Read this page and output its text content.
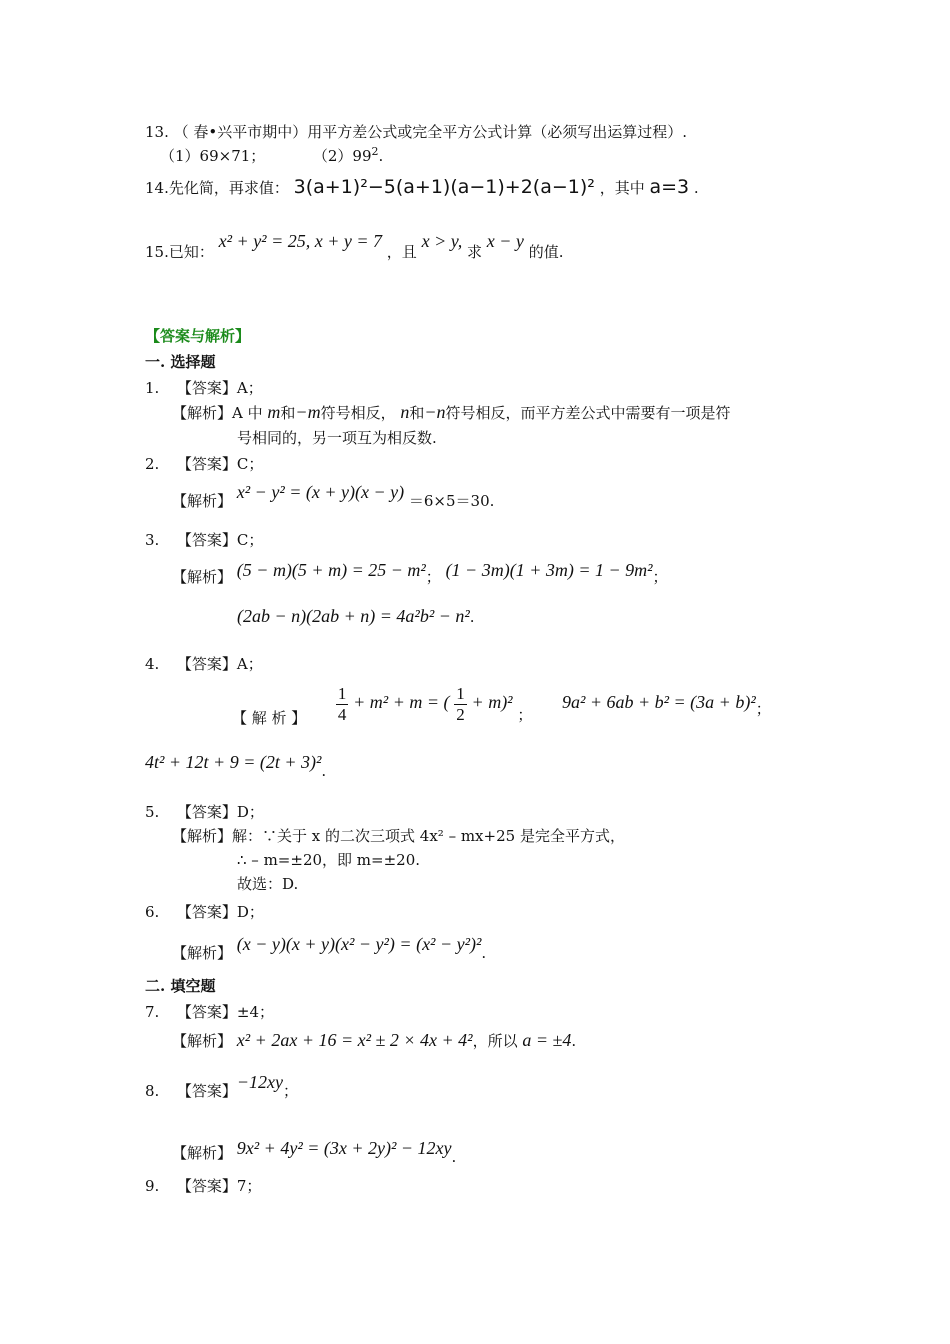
13. （ 春•兴平市期中）用平方差公式或完全平方公式计算（必须写出运算过程）.
（1）69×71；	$(2)99^2$.
14.先化简，再求值： 3(a+1)²−5(a+1)(a−1)+2(a−1)² ，其中 a=3 .
15.已知： x² + y² = 25, x + y = 7 ，且 x > y, 求 x − y 的值.
【答案与解析】
一. 选择题
1. 【答案】A；
【解析】A 中 m和−m符号相反， n和−n符号相反，而平方差公式中需要有一项是符
号相同的，另一项互为相反数.
2. 【答案】C；
【解析】 x² − y² = (x + y)(x − y) ＝6×5＝30.
3. 【答案】C；
【解析】 (5 − m)(5 + m) = 25 − m²； (1 − 3m)(1 + 3m) = 1 − 9m²；
(2ab − n)(2ab + n) = 4a²b² − n².
4. 【答案】A；
【 解 析 】 $\frac{1}{4} + m^2 + m$ = ( $\frac{1}{2} + m)^2$ ；  9a² + 6ab + b² = (3a + b)²；
4t² + 12t + 9 = (2t + 3)².
5. 【答案】D；
【解析】解：∵关于 x 的二次三项式 4x² – mx+25 是完全平方式，
∴ – m=±20，即 m=±20.
故选：D.
6. 【答案】D；
【解析】 (x − y)(x + y)(x² − y²) = (x² − y²)².
二. 填空题
7. 【答案】±4；
【解析】 x² + 2ax + 16 = x² ± 2 × 4x + 4²，所以 a = ±4.
8. 【答案】−12xy；
【解析】 9x² + 4y² = (3x + 2y)² − 12xy.
9. 【答案】7；
